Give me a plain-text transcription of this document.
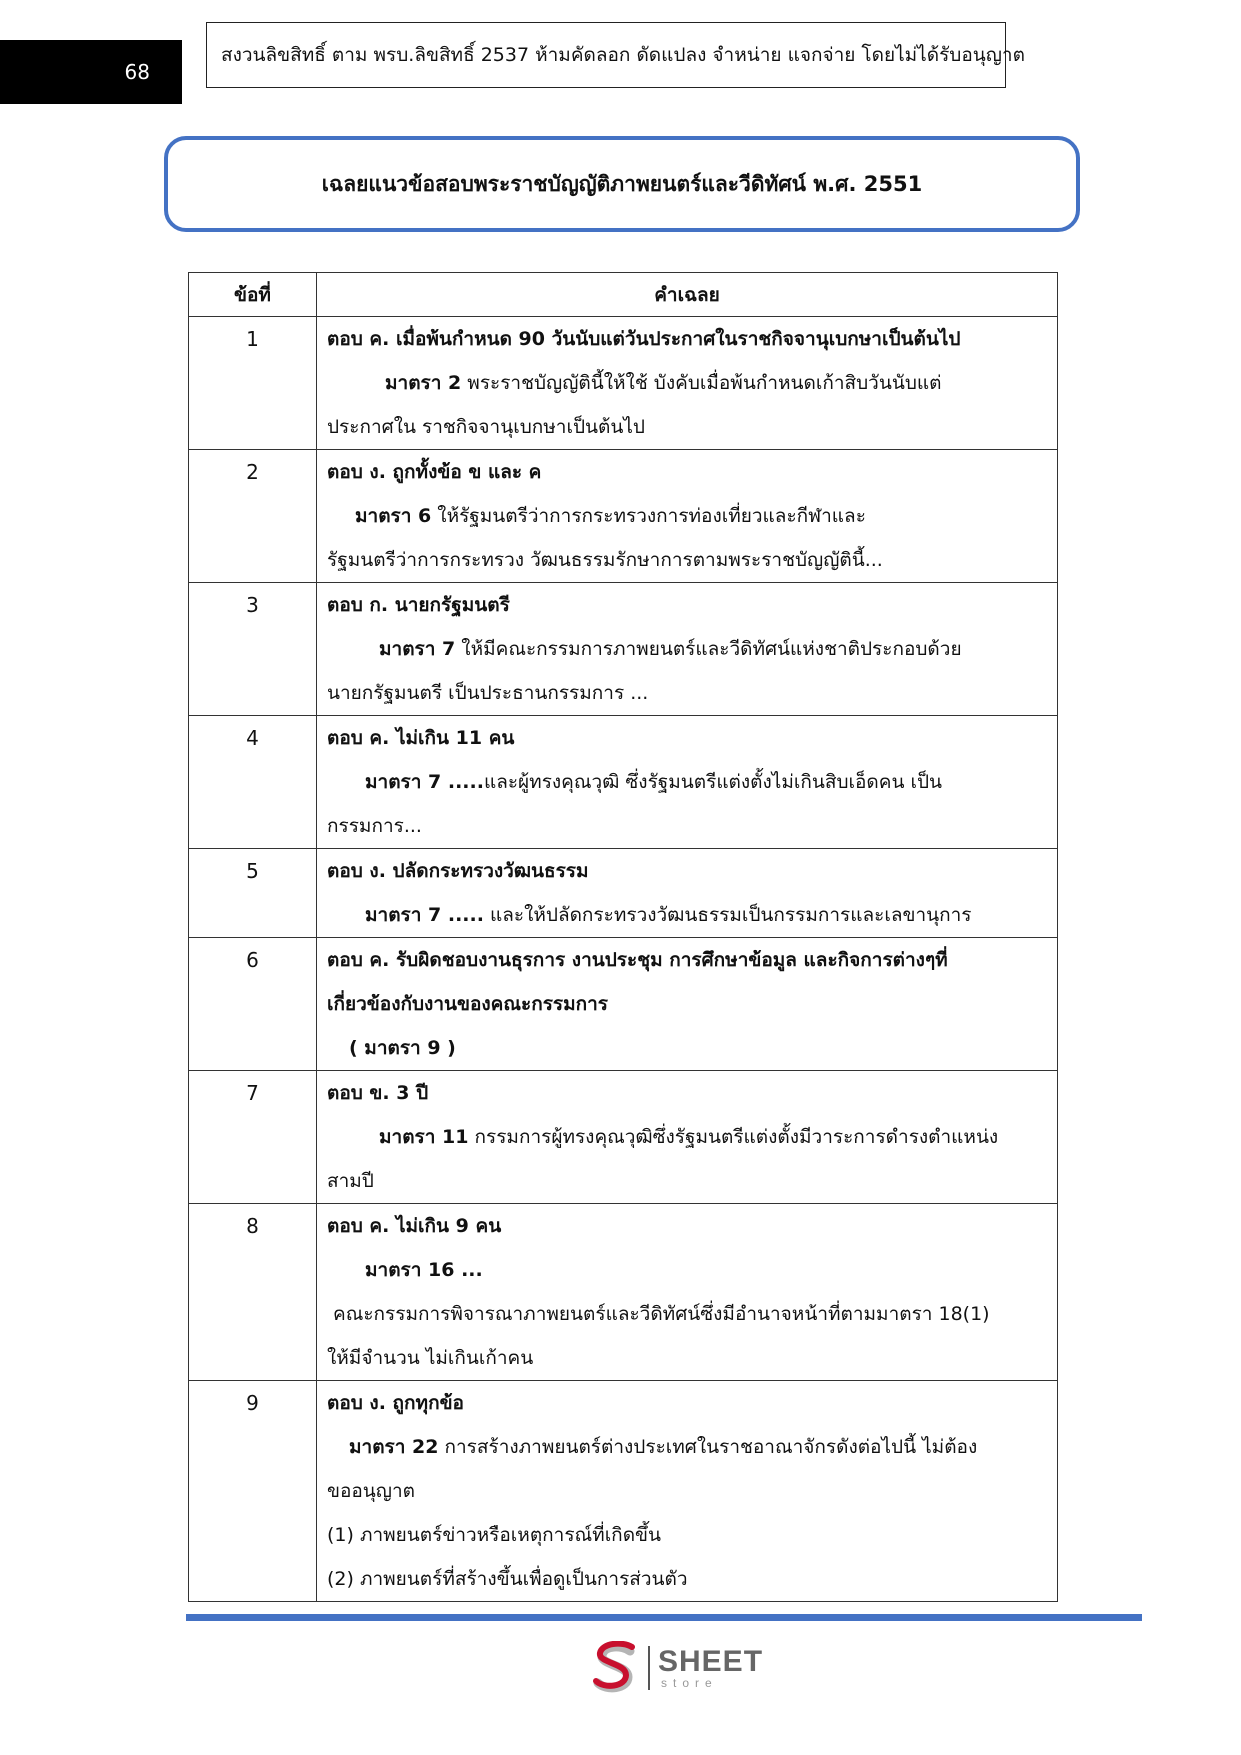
68
สงวนลิขสิทธิ์ ตาม พรบ.ลิขสิทธิ์ 2537 ห้ามคัดลอก ดัดแปลง จำหน่าย แจกจ่าย โดยไม่ได้รับอนุญาต
เฉลยแนวข้อสอบพระราชบัญญัติภาพยนตร์และวีดิทัศน์ พ.ศ. 2551
ข้อที่	คำเฉลย
1	ตอบ ค. เมื่อพ้นกำหนด 90 วันนับแต่วันประกาศในราชกิจจานุเบกษาเป็นต้นไป
มาตรา 2 พระราชบัญญัตินี้ให้ใช้ บังคับเมื่อพ้นกำหนดเก้าสิบวันนับแต่
ประกาศใน ราชกิจจานุเบกษาเป็นต้นไป

2	ตอบ ง. ถูกทั้งข้อ ข และ ค
มาตรา 6 ให้รัฐมนตรีว่าการกระทรวงการท่องเที่ยวและกีฬาและ
รัฐมนตรีว่าการกระทรวง วัฒนธรรมรักษาการตามพระราชบัญญัตินี้...

3	ตอบ ก. นายกรัฐมนตรี
มาตรา 7 ให้มีคณะกรรมการภาพยนตร์และวีดิทัศน์แห่งชาติประกอบด้วย
นายกรัฐมนตรี เป็นประธานกรรมการ ...

4	ตอบ ค. ไม่เกิน 11 คน
มาตรา 7 .....และผู้ทรงคุณวุฒิ ซึ่งรัฐมนตรีแต่งตั้งไม่เกินสิบเอ็ดคน เป็น
กรรมการ...

5	ตอบ ง. ปลัดกระทรวงวัฒนธรรม
มาตรา 7 ..... และให้ปลัดกระทรวงวัฒนธรรมเป็นกรรมการและเลขานุการ

6	ตอบ ค. รับผิดชอบงานธุรการ งานประชุม การศึกษาข้อมูล และกิจการต่างๆที่
เกี่ยวข้องกับงานของคณะกรรมการ
( มาตรา 9 )

7	ตอบ ข. 3 ปี
มาตรา 11 กรรมการผู้ทรงคุณวุฒิซึ่งรัฐมนตรีแต่งตั้งมีวาระการดำรงตำแหน่ง
สามปี

8	ตอบ ค. ไม่เกิน 9 คน
มาตรา 16 ...
คณะกรรมการพิจารณาภาพยนตร์และวีดิทัศน์ซึ่งมีอำนาจหน้าที่ตามมาตรา 18(1)
ให้มีจำนวน ไม่เกินเก้าคน

9	ตอบ ง. ถูกทุกข้อ
มาตรา 22 การสร้างภาพยนตร์ต่างประเทศในราชอาณาจักรดังต่อไปนี้ ไม่ต้อง
ขออนุญาต
(1) ภาพยนตร์ข่าวหรือเหตุการณ์ที่เกิดขึ้น
(2) ภาพยนตร์ที่สร้างขึ้นเพื่อดูเป็นการส่วนตัว
SHEET
store
